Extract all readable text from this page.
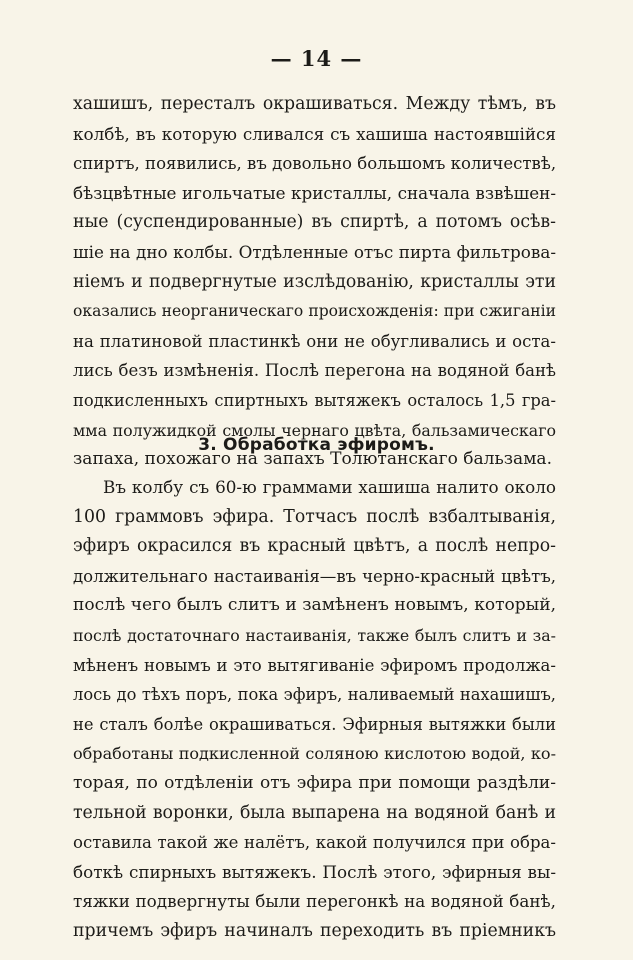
— 14 —
хашишъ, пересталъ окрашиваться. Между тѣмъ, въ
колбѣ, въ которую сливался съ хашиша настоявшійся
спиртъ, появились, въ довольно большомъ количествѣ,
бѣзцвѣтные игольчатые кристаллы, сначала взвѣшен-
ные (суспендированные) въ спиртѣ, а потомъ осѣв-
шіе на дно колбы. Отдѣленные отъс пирта фильтрова-
ніемъ и подвергнутые изслѣдованію, кристаллы эти
оказались неорганическаго происхожденія: при сжиганіи
на платиновой пластинкѣ они не обугливались и оста-
лись безъ измѣненія. Послѣ перегона на водяной банѣ
подкисленныхъ спиртныхъ вытяжекъ осталось 1,5 гра-
мма полужидкой смолы чернаго цвѣта, бальзамическаго
запаха, похожаго на запахъ Толютанскаго бальзама.
3. Обработка эфиромъ.
Въ колбу съ 60-ю граммами хашиша налито около
100 граммовъ эфира. Тотчасъ послѣ взбалтыванія,
эфиръ окрасился въ красный цвѣтъ, а послѣ непро-
должительнаго настаиванія—въ черно-красный цвѣтъ,
послѣ чего былъ слитъ и замѣненъ новымъ, который,
послѣ достаточнаго настаиванія, также былъ слитъ и за-
мѣненъ новымъ и это вытягиваніе эфиромъ продолжа-
лось до тѣхъ поръ, пока эфиръ, наливаемый нахашишъ,
не сталъ болѣе окрашиваться. Эфирныя вытяжки были
обработаны подкисленной соляною кислотою водой, ко-
торая, по отдѣленіи отъ эфира при помощи раздѣли-
тельной воронки, была выпарена на водяной банѣ и
оставила такой же налётъ, какой получился при обра-
боткѣ спирныхъ вытяжекъ. Послѣ этого, эфирныя вы-
тяжки подвергнуты были перегонкѣ на водяной банѣ,
причемъ эфиръ начиналъ переходить въ пріемникъ
